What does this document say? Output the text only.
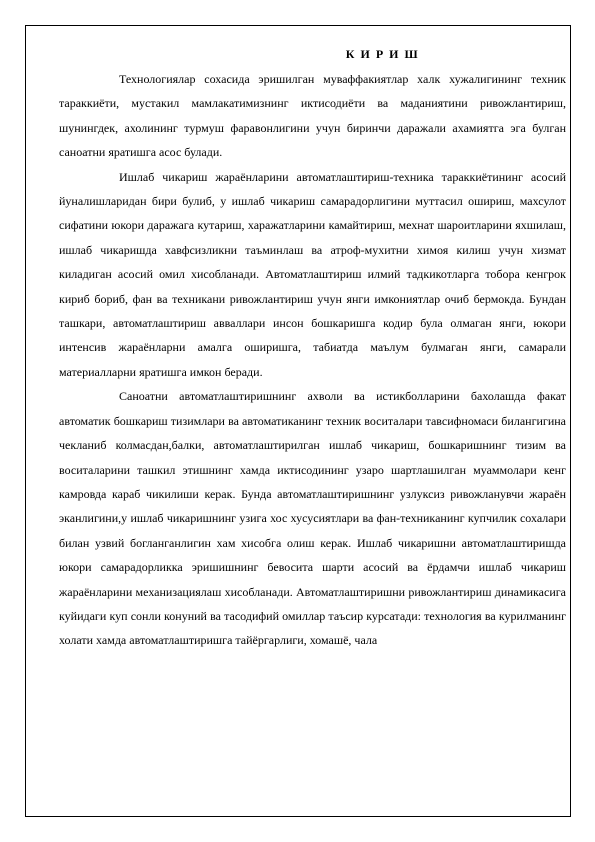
К И Р И Ш

Технологиялар сохасида эришилган муваффакиятлар халк хужалигининг техник тараккиёти, мустакил мамлакатимизнинг иктисодиёти ва маданиятини ривожлантириш, шунингдек, ахолининг турмуш фаравонлигини учун биринчи даражали ахамиятга эга булган саноатни яратишга асос булади.

Ишлаб чикариш жараёнларини автоматлаштириш-техника тараккиётининг асосий йуналишларидан бири булиб, у ишлаб чикариш самарадорлигини муттасил ошириш, махсулот сифатини юкори даражага кутариш, харажатларини камайтириш, мехнат шароитларини яхшилаш, ишлаб чикаришда хавфсизликни таъминлаш ва атроф-мухитни химоя килиш учун хизмат киладиган асосий омил хисобланади. Автоматлаштириш илмий тадкикотларга тобора кенгрок кириб бориб, фан ва техникани ривожлантириш учун янги имкониятлар очиб бермокда. Бундан ташкари, автоматлаштириш авваллари инсон бошкаришга кодир була олмаган янги, юкори интенсив жараёнларни амалга оширишга, табиатда маълум булмаган янги, самарали материалларни яратишга имкон беради.

Саноатни автоматлаштиришнинг ахволи ва истикболларини бахолашда факат автоматик бошкариш тизимлари ва автоматиканинг техник воситалари тавсифномаси билангигина чекланиб колмасдан,балки, автоматлаштирилган ишлаб чикариш, бошкаришнинг тизим ва воситаларини ташкил этишнинг хамда иктисодининг узаро шартлашилган муаммолари кенг камровда караб чикилиши керак. Бунда автоматлаштиришнинг узлуксиз ривожланувчи жараён эканлигини,у ишлаб чикаришнинг узига хос хусусиятлари ва фан-техниканинг купчилик сохалари билан узвий богланганлигин хам хисобга олиш керак. Ишлаб чикаришни автоматлаштиришда юкори самарадорликка эришишнинг бевосита шарти асосий ва ёрдамчи ишлаб чикариш жараёнларини механизациялаш хисобланади. Автоматлаштиришни ривожлантириш динамикасига куйидаги куп сонли конуний ва тасодифий омиллар таъсир курсатади: технология ва курилманинг холати хамда автоматлаштиришга тайёргарлиги, хомашё, чала
